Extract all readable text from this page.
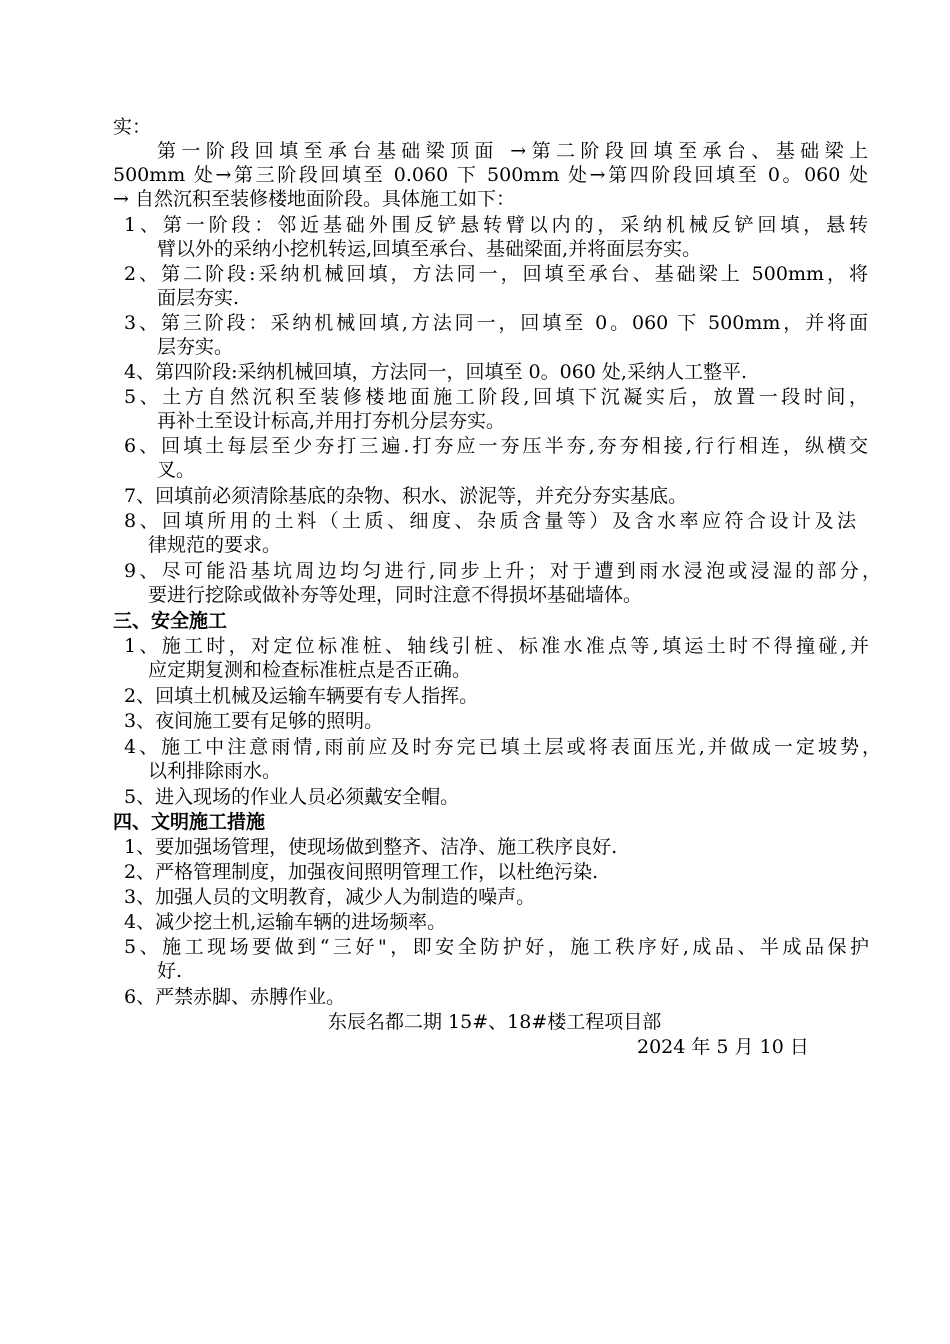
实：
第一阶段回填至承台基础梁顶面 →第二阶段回填至承台、基础梁上
500mm 处→第三阶段回填至 0.060 下 500mm 处→第四阶段回填至 0。060 处
→ 自然沉积至装修楼地面阶段。具体施工如下：
1、第一阶段：邻近基础外围反铲悬转臂以内的，采纳机械反铲回填，悬转
臂以外的采纳小挖机转运,回填至承台、基础梁面,并将面层夯实。
2、第二阶段:采纳机械回填，方法同一，回填至承台、基础梁上 500mm，将
面层夯实.
3、第三阶段：采纳机械回填,方法同一，回填至 0。060 下 500mm，并将面
层夯实。
4、第四阶段:采纳机械回填，方法同一，回填至 0。060 处,采纳人工整平.
5、土方自然沉积至装修楼地面施工阶段,回填下沉凝实后，放置一段时间，
再补土至设计标高,并用打夯机分层夯实。
6、回填土每层至少夯打三遍.打夯应一夯压半夯,夯夯相接,行行相连，纵横交
叉。
7、回填前必须清除基底的杂物、积水、淤泥等，并充分夯实基底。
8、回填所用的土料（土质、细度、杂质含量等）及含水率应符合设计及法
律规范的要求。
9、尽可能沿基坑周边均匀进行,同步上升；对于遭到雨水浸泡或浸湿的部分，
要进行挖除或做补夯等处理，同时注意不得损坏基础墙体。
三、安全施工
1、施工时，对定位标准桩、轴线引桩、标准水准点等,填运土时不得撞碰,并
应定期复测和检查标准桩点是否正确。
2、回填土机械及运输车辆要有专人指挥。
3、夜间施工要有足够的照明。
4、施工中注意雨情,雨前应及时夯完已填土层或将表面压光,并做成一定坡势，
以利排除雨水。
5、进入现场的作业人员必须戴安全帽。
四、文明施工措施
1、要加强场管理，使现场做到整齐、洁净、施工秩序良好.
2、严格管理制度，加强夜间照明管理工作，以杜绝污染.
3、加强人员的文明教育，减少人为制造的噪声。
4、减少挖土机,运输车辆的进场频率。
5、施工现场要做到“三好"，即安全防护好，施工秩序好,成品、半成品保护
好.
6、严禁赤脚、赤膊作业。
东辰名都二期 15#、18#楼工程项目部
2024 年 5 月 10 日
